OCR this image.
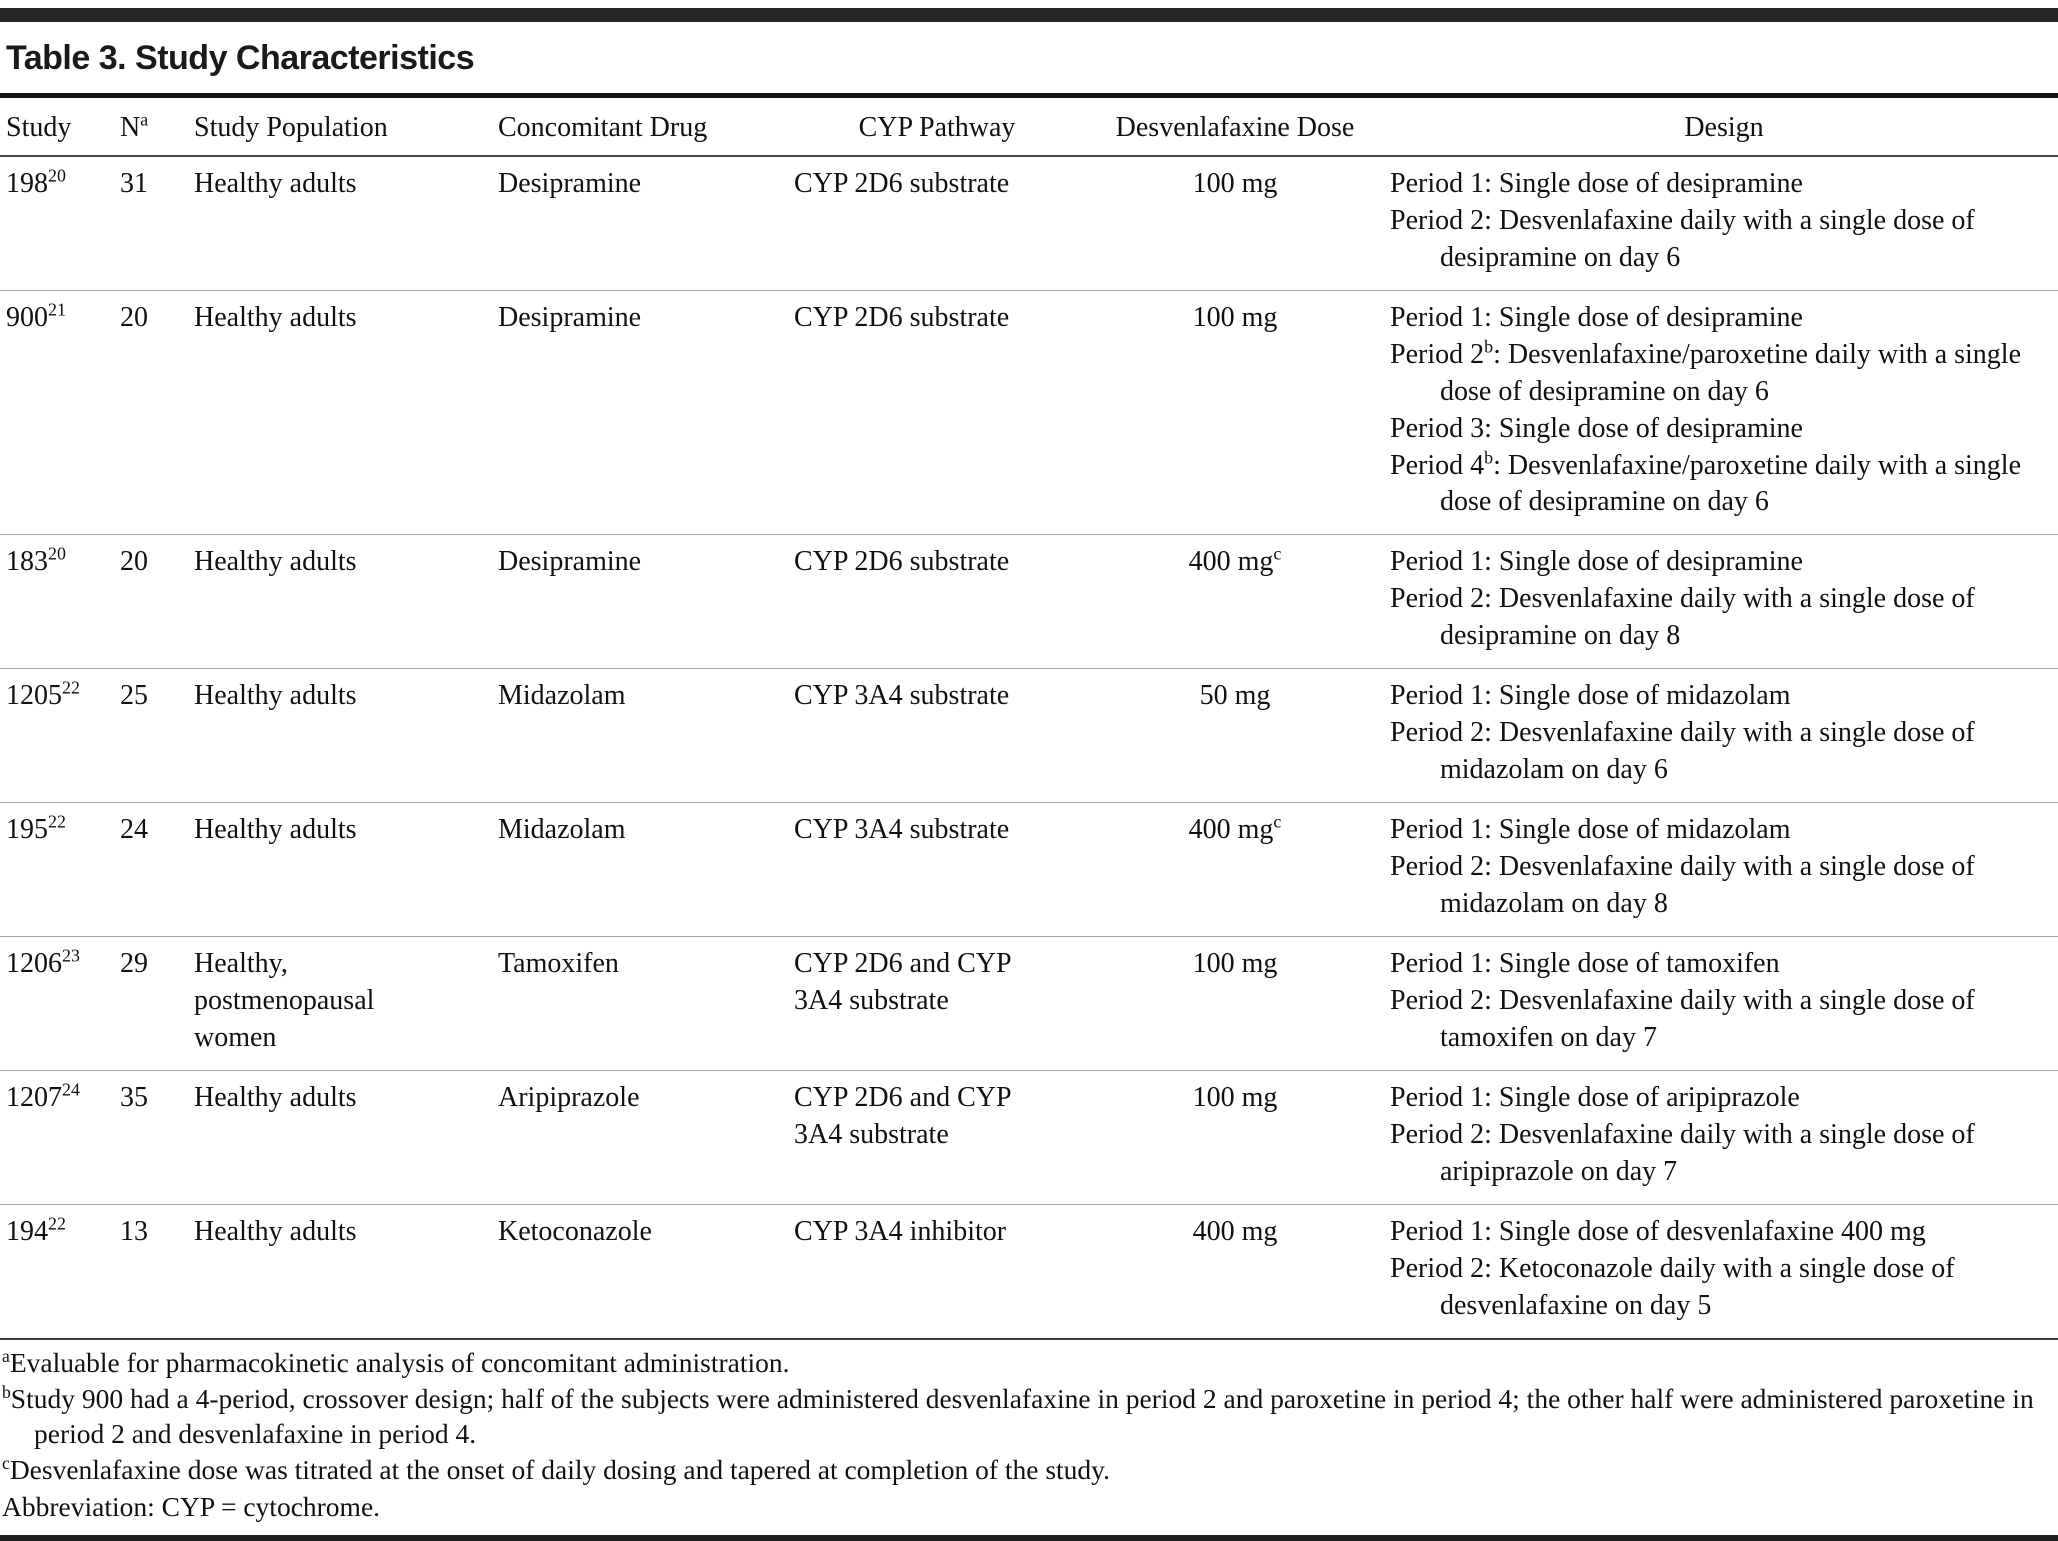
Table 3. Study Characteristics
Study	$N^a$	Study Population	Concomitant Drug	CYP Pathway	Desvenlafaxine Dose	Design
$198^{20}$	31	Healthy adults	Desipramine	CYP 2D6 substrate	100 mg	Period 1: Single dose of desipramine
Period 2: Desvenlafaxine daily with a single dose of desipramine on day 6

$900^{21}$	20	Healthy adults	Desipramine	CYP 2D6 substrate	100 mg	Period 1: Single dose of desipramine
Period 2$^b$: Desvenlafaxine/paroxetine daily with a single dose of desipramine on day 6
Period 3: Single dose of desipramine
Period 4$^b$: Desvenlafaxine/paroxetine daily with a single dose of desipramine on day 6

$183^{20}$	20	Healthy adults	Desipramine	CYP 2D6 substrate	400 $mg^c$	Period 1: Single dose of desipramine
Period 2: Desvenlafaxine daily with a single dose of desipramine on day 8

1205$^{22}$	25	Healthy adults	Midazolam	CYP 3A4 substrate	50 mg	Period 1: Single dose of midazolam
Period 2: Desvenlafaxine daily with a single dose of midazolam on day 6

$195^{22}$	24	Healthy adults	Midazolam	CYP 3A4 substrate	400 $mg^c$	Period 1: Single dose of midazolam
Period 2: Desvenlafaxine daily with a single dose of midazolam on day 8

1206$^{23}$	29	Healthy, postmenopausal women	Tamoxifen	CYP 2D6 and CYP 3A4 substrate	100 mg	Period 1: Single dose of tamoxifen
Period 2: Desvenlafaxine daily with a single dose of tamoxifen on day 7

1207$^{24}$	35	Healthy adults	Aripiprazole	CYP 2D6 and CYP 3A4 substrate	100 mg	Period 1: Single dose of aripiprazole
Period 2: Desvenlafaxine daily with a single dose of aripiprazole on day 7

$194^{22}$	13	Healthy adults	Ketoconazole	CYP 3A4 inhibitor	400 mg	Period 1: Single dose of desvenlafaxine 400 mg
Period 2: Ketoconazole daily with a single dose of desvenlafaxine on day 5
$^a$Evaluable for pharmacokinetic analysis of concomitant administration.
$^b$Study 900 had a 4-period, crossover design; half of the subjects were administered desvenlafaxine in period 2 and paroxetine in period 4; the other half were administered paroxetine in period 2 and desvenlafaxine in period 4.
$^c$Desvenlafaxine dose was titrated at the onset of daily dosing and tapered at completion of the study.
Abbreviation: CYP = cytochrome.
